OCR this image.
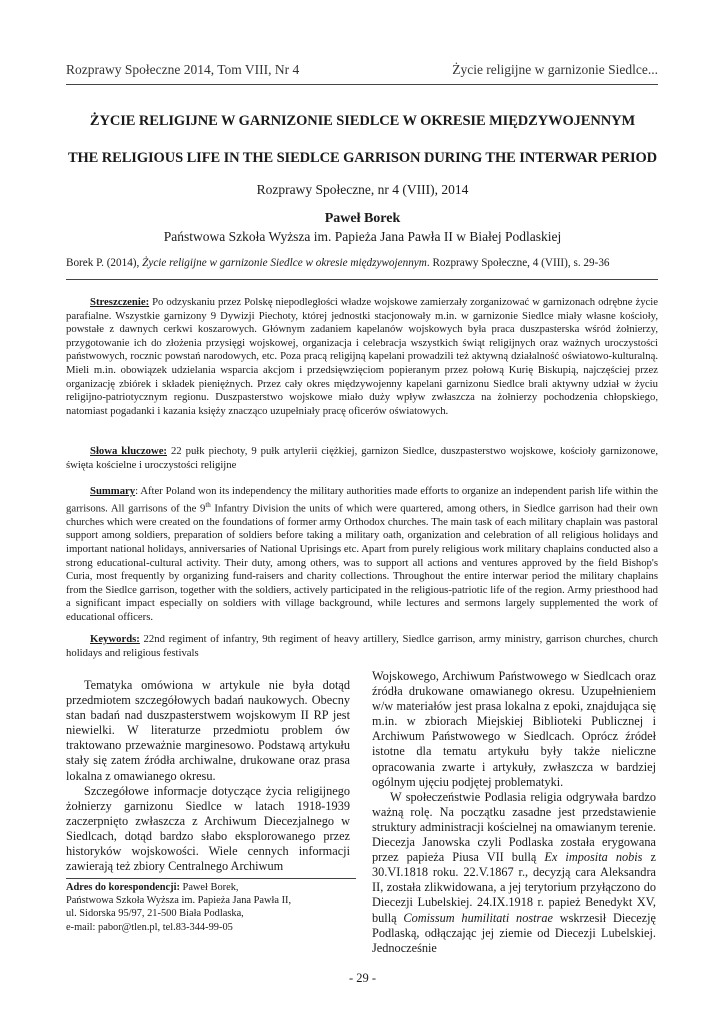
Rozprawy Społeczne 2014, Tom VIII, Nr 4	Życie religijne w garnizonie Siedlce...
ŻYCIE RELIGIJNE W GARNIZONIE SIEDLCE W OKRESIE MIĘDZYWOJENNYM
THE RELIGIOUS LIFE IN THE SIEDLCE GARRISON DURING THE INTERWAR PERIOD
Rozprawy Społeczne, nr 4 (VIII), 2014
Paweł Borek
Państwowa Szkoła Wyższa im. Papieża Jana Pawła II w Białej Podlaskiej
Borek P. (2014), Życie religijne w garnizonie Siedlce w okresie międzywojennym. Rozprawy Społeczne, 4 (VIII), s. 29-36

Streszczenie: Po odzyskaniu przez Polskę niepodległości władze wojskowe zamierzały zorganizować w garnizonach odrębne życie parafialne. Wszystkie garnizony 9 Dywizji Piechoty, której jednostki stacjonowały m.in. w garnizonie Siedlce miały własne kościoły, powstałe z dawnych cerkwi koszarowych. Głównym zadaniem kapelanów wojskowych była praca duszpasterska wśród żołnierzy, przygotowanie ich do złożenia przysięgi wojskowej, organizacja i celebracja wszystkich świąt religijnych oraz ważnych uroczystości państwowych, rocznic powstań narodowych, etc. Poza pracą religijną kapelani prowadzili też aktywną działalność oświatowo-kulturalną. Mieli m.in. obowiązek udzielania wsparcia akcjom i przedsięwzięciom popieranym przez połową Kurię Biskupią, najczęściej przez organizację zbiórek i składek pieniężnych. Przez cały okres międzywojenny kapelani garnizonu Siedlce brali aktywny udział w życiu religijno-patriotycznym regionu. Duszpasterstwo wojskowe miało duży wpływ zwłaszcza na żołnierzy pochodzenia chłopskiego, natomiast pogadanki i kazania księży znacząco uzupełniały pracę oficerów oświatowych.

Słowa kluczowe: 22 pułk piechoty, 9 pułk artylerii ciężkiej, garnizon Siedlce, duszpasterstwo wojskowe, kościoły garnizonowe, święta kościelne i uroczystości religijne

Summary: After Poland won its independency the military authorities made efforts to organize an independent parish life within the garrisons. All garrisons of the 9th Infantry Division the units of which were quartered, among others, in Siedlce garrison had their own churches which were created on the foundations of former army Orthodox churches. The main task of each military chaplain was pastoral support among soldiers, preparation of soldiers before taking a military oath, organization and celebration of all religious holidays and important national holidays, anniversaries of National Uprisings etc. Apart from purely religious work military chaplains conducted also a strong educational-cultural activity. Their duty, among others, was to support all actions and ventures approved by the field Bishop's Curia, most frequently by organizing fund-raisers and charity collections. Throughout the entire interwar period the military chaplains from the Siedlce garrison, together with the soldiers, actively participated in the religious-patriotic life of the region. Army priesthood had a significant impact especially on soldiers with village background, while lectures and sermons largely supplemented the work of educational officers.

Keywords: 22nd regiment of infantry, 9th regiment of heavy artillery, Siedlce garrison, army ministry, garrison churches, church holidays and religious festivals

Tematyka omówiona w artykule nie była dotąd przedmiotem szczegółowych badań naukowych. Obecny stan badań nad duszpasterstwem wojskowym II RP jest niewielki. W literaturze przedmiotu problem ów traktowano przeważnie marginesowo. Podstawą artykułu stały się zatem źródła archiwalne, drukowane oraz prasa lokalna z omawianego okresu.

Szczegółowe informacje dotyczące życia religijnego żołnierzy garnizonu Siedlce w latach 1918-1939 zaczerpnięto zwłaszcza z Archiwum Diecezjalnego w Siedlcach, dotąd bardzo słabo eksplorowanego przez historyków wojskowości. Wiele cennych informacji zawierają też zbiory Centralnego Archiwum

Wojskowego, Archiwum Państwowego w Siedlcach oraz źródła drukowane omawianego okresu. Uzupełnieniem w/w materiałów jest prasa lokalna z epoki, znajdująca się m.in. w zbiorach Miejskiej Biblioteki Publicznej i Archiwum Państwowego w Siedlcach. Oprócz źródeł istotne dla tematu artykułu były także nieliczne opracowania zwarte i artykuły, zwłaszcza w bardziej ogólnym ujęciu podjętej problematyki.

W społeczeństwie Podlasia religia odgrywała bardzo ważną rolę. Na początku zasadne jest przedstawienie struktury administracji kościelnej na omawianym terenie. Diecezja Janowska czyli Podlaska została erygowana przez papieża Piusa VII bullą Ex imposita nobis z 30.VI.1818 roku. 22.V.1867 r., decyzją cara Aleksandra II, została zlikwidowana, a jej terytorium przyłączono do Diecezji Lubelskiej. 24.IX.1918 r. papież Benedykt XV, bullą Comissum humilitati nostrae wskrzesił Diecezję Podlaską, odłączając jej ziemie od Diecezji Lubelskiej. Jednocześnie

Adres do korespondencji: Paweł Borek,
Państwowa Szkoła Wyższa im. Papieża Jana Pawła II,
ul. Sidorska 95/97, 21-500 Biała Podlaska,
e-mail: pabor@tlen.pl, tel.83-344-99-05
- 29 -
